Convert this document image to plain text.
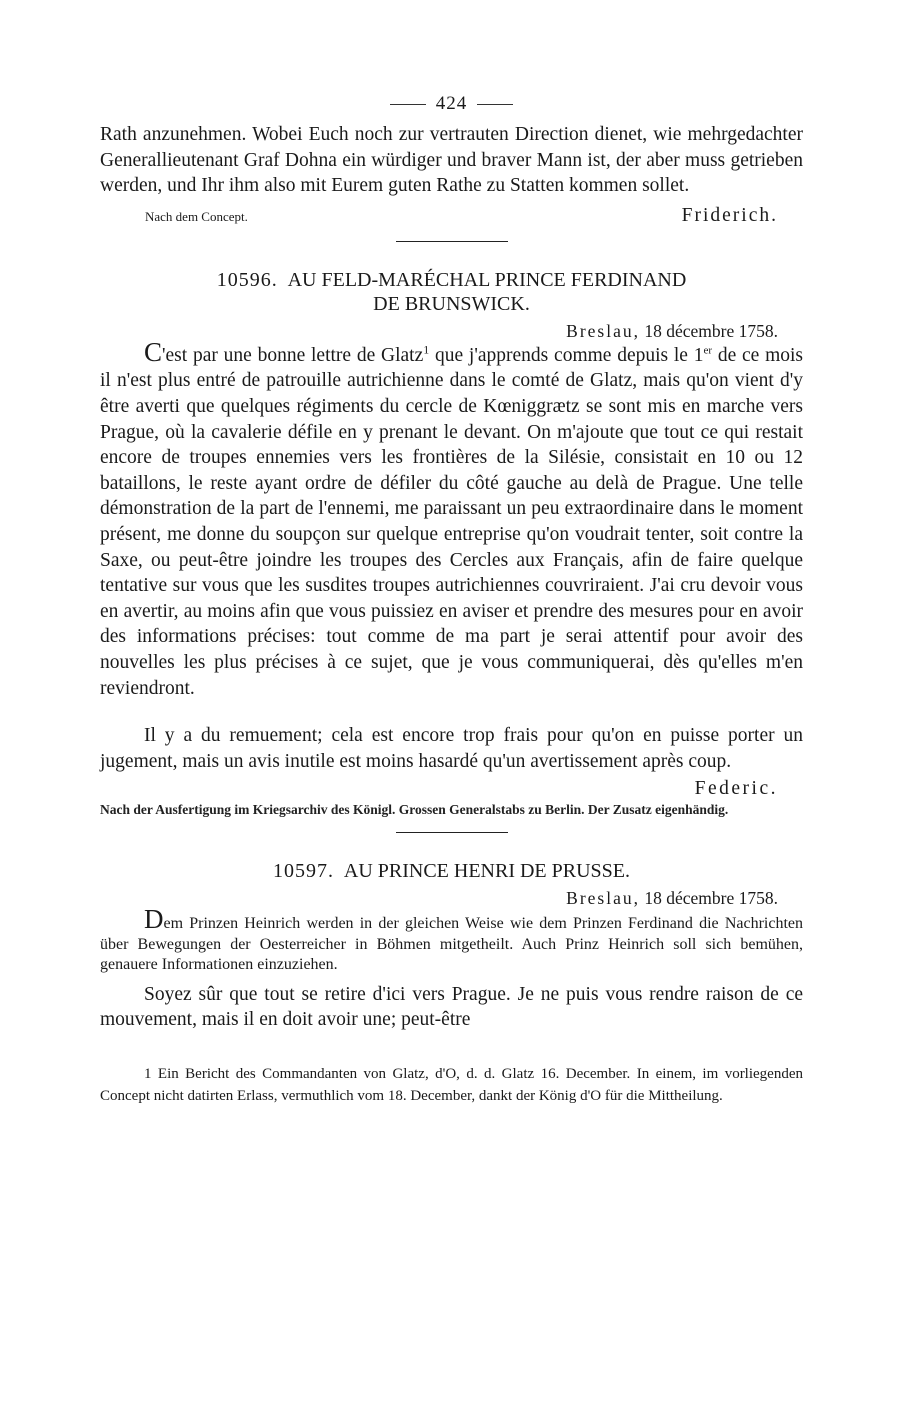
424

Rath anzunehmen. Wobei Euch noch zur vertrauten Direction dienet, wie mehrgedachter Generallieutenant Graf Dohna ein würdiger und braver Mann ist, der aber muss getrieben werden, und Ihr ihm also mit Eurem guten Rathe zu Statten kommen sollet.

Nach dem Concept.	Friderich.
10596. AU FELD-MARÉCHAL PRINCE FERDINAND
DE BRUNSWICK.
Breslau, 18 décembre 1758.

C'est par une bonne lettre de Glatz$^1$ que j'apprends comme depuis le 1er de ce mois il n'est plus entré de patrouille autrichienne dans le comté de Glatz, mais qu'on vient d'y être averti que quelques régiments du cercle de Kœniggrætz se sont mis en marche vers Prague, où la cavalerie défile en y prenant le devant. On m'ajoute que tout ce qui restait encore de troupes ennemies vers les frontières de la Silésie, consistait en 10 ou 12 bataillons, le reste ayant ordre de défiler du côté gauche au delà de Prague. Une telle démonstration de la part de l'ennemi, me paraissant un peu extraordinaire dans le moment présent, me donne du soupçon sur quelque entreprise qu'on voudrait tenter, soit contre la Saxe, ou peut-être joindre les troupes des Cercles aux Français, afin de faire quelque tentative sur vous que les susdites troupes autrichiennes couvriraient. J'ai cru devoir vous en avertir, au moins afin que vous puissiez en aviser et prendre des mesures pour en avoir des informations précises: tout comme de ma part je serai attentif pour avoir des nouvelles les plus précises à ce sujet, que je vous communiquerai, dès qu'elles m'en reviendront.

Il y a du remuement; cela est encore trop frais pour qu'on en puisse porter un jugement, mais un avis inutile est moins hasardé qu'un avertissement après coup.

Federic.

Nach der Ausfertigung im Kriegsarchiv des Königl. Grossen Generalstabs zu Berlin. Der Zusatz eigenhändig.

10597. AU PRINCE HENRI DE PRUSSE.
Breslau, 18 décembre 1758.

Dem Prinzen Heinrich werden in der gleichen Weise wie dem Prinzen Ferdinand die Nachrichten über Bewegungen der Oesterreicher in Böhmen mitgetheilt. Auch Prinz Heinrich soll sich bemühen, genauere Informationen einzuziehen.

Soyez sûr que tout se retire d'ici vers Prague. Je ne puis vous rendre raison de ce mouvement, mais il en doit avoir une; peut-être

1 Ein Bericht des Commandanten von Glatz, d'O, d. d. Glatz 16. December. In einem, im vorliegenden Concept nicht datirten Erlass, vermuthlich vom 18. December, dankt der König d'O für die Mittheilung.
